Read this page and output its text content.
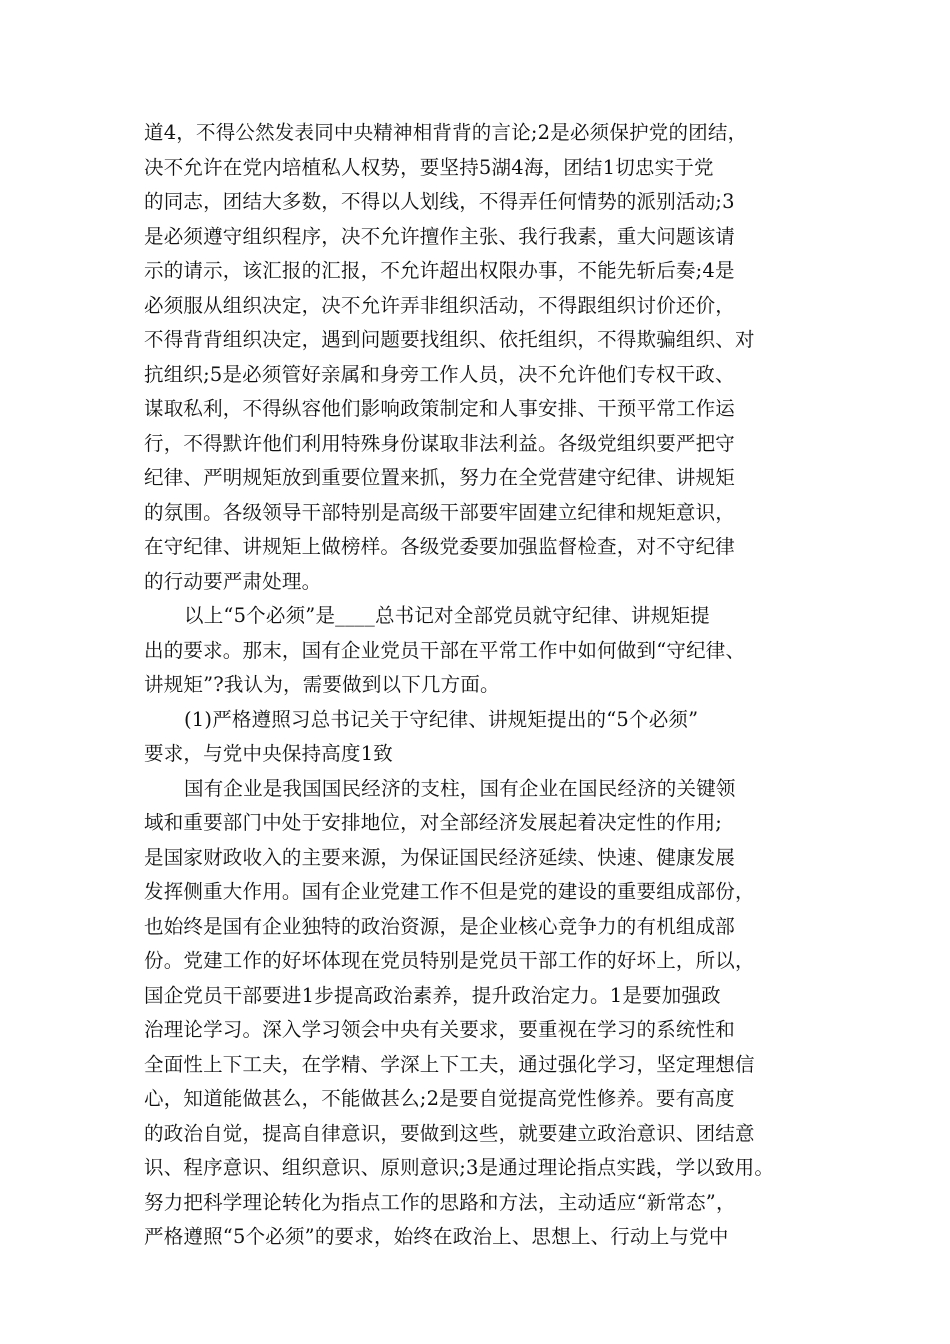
道4，不得公然发表同中央精神相背背的言论;2是必须保护党的团结，
决不允许在党内培植私人权势，要坚持5湖4海，团结1切忠实于党
的同志，团结大多数，不得以人划线，不得弄任何情势的派别活动;3
是必须遵守组织程序，决不允许擅作主张、我行我素，重大问题该请
示的请示，该汇报的汇报，不允许超出权限办事，不能先斩后奏;4是
必须服从组织决定，决不允许弄非组织活动，不得跟组织讨价还价，
不得背背组织决定，遇到问题要找组织、依托组织，不得欺骗组织、对
抗组织;5是必须管好亲属和身旁工作人员，决不允许他们专权干政、
谋取私利，不得纵容他们影响政策制定和人事安排、干预平常工作运
行，不得默许他们利用特殊身份谋取非法利益。各级党组织要严把守
纪律、严明规矩放到重要位置来抓，努力在全党营建守纪律、讲规矩
的氛围。各级领导干部特别是高级干部要牢固建立纪律和规矩意识，
在守纪律、讲规矩上做榜样。各级党委要加强监督检查，对不守纪律
的行动要严肃处理。
以上“5个必须”是____总书记对全部党员就守纪律、讲规矩提
出的要求。那末，国有企业党员干部在平常工作中如何做到“守纪律、
讲规矩”?我认为，需要做到以下几方面。
(1)严格遵照习总书记关于守纪律、讲规矩提出的“5个必须”
要求，与党中央保持高度1致
国有企业是我国国民经济的支柱，国有企业在国民经济的关键领
域和重要部门中处于安排地位，对全部经济发展起着决定性的作用;
是国家财政收入的主要来源，为保证国民经济延续、快速、健康发展
发挥侧重大作用。国有企业党建工作不但是党的建设的重要组成部份，
也始终是国有企业独特的政治资源，是企业核心竞争力的有机组成部
份。党建工作的好坏体现在党员特别是党员干部工作的好坏上，所以，
国企党员干部要进1步提高政治素养，提升政治定力。1是要加强政
治理论学习。深入学习领会中央有关要求，要重视在学习的系统性和
全面性上下工夫，在学精、学深上下工夫，通过强化学习，坚定理想信
心，知道能做甚么，不能做甚么;2是要自觉提高党性修养。要有高度
的政治自觉，提高自律意识，要做到这些，就要建立政治意识、团结意
识、程序意识、组织意识、原则意识;3是通过理论指点实践，学以致用。
努力把科学理论转化为指点工作的思路和方法，主动适应“新常态”，
严格遵照“5个必须”的要求，始终在政治上、思想上、行动上与党中
